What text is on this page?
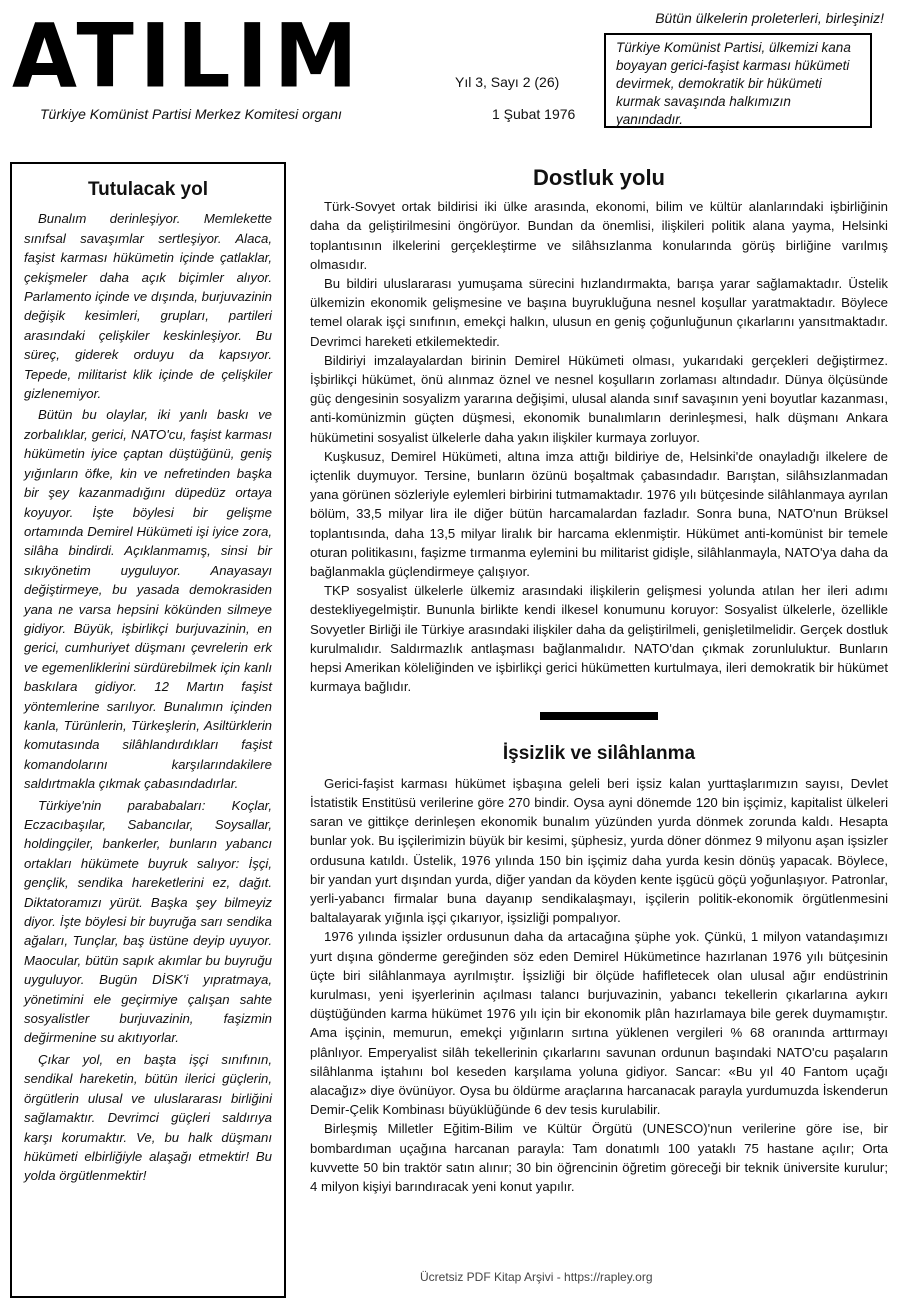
ATILIM
Türkiye Komünist Partisi Merkez Komitesi organı
Yıl 3, Sayı 2 (26)
1 Şubat 1976
Bütün ülkelerin proleterleri, birleşiniz!
Türkiye Komünist Partisi, ülkemizi kana boyayan gerici-faşist karması hükümeti devirmek, demokratik bir hükümeti kurmak savaşında halkımızın yanındadır.
Tutulacak yol

Bunalım derinleşiyor. Memlekette sınıfsal savaşımlar sertleşiyor. Alaca, faşist karması hükümetin içinde çatlaklar, çekişmeler daha açık biçimler alıyor. Parlamento içinde ve dışında, burjuvazinin değişik kesimleri, grupları, partileri arasındaki çelişkiler keskinleşiyor. Bu süreç, giderek orduyu da kapsıyor. Tepede, militarist klik içinde de çelişkiler gizlenemiyor.

Bütün bu olaylar, iki yanlı baskı ve zorbalıklar, gerici, NATO'cu, faşist karması hükümetin iyice çaptan düştüğünü, geniş yığınların öfke, kin ve nefretinden başka bir şey kazanmadığını düpedüz ortaya koyuyor. İşte böylesi bir gelişme ortamında Demirel Hükümeti işi iyice zora, silâha bindirdi. Açıklanmamış, sinsi bir sıkıyönetim uyguluyor. Anayasayı değiştirmeye, bu yasada demokrasiden yana ne varsa hepsini kökünden silmeye gidiyor. Büyük, işbirlikçi burjuvazinin, en gerici, cumhuriyet düşmanı çevrelerin erk ve egemenliklerini sürdürebilmek için kanlı baskılara gidiyor. 12 Martın faşist yöntemlerine sarılıyor. Bunalımın içinden kanla, Türünlerin, Türkeşlerin, Asiltürklerin komutasında silâhlandırdıkları faşist komandolarını karşılarındakilere saldırtmakla çıkmak çabasındadırlar.

Türkiye'nin parababaları: Koçlar, Eczacıbaşılar, Sabancılar, Soysallar, holdingçiler, bankerler, bunların yabancı ortakları hükümete buyruk salıyor: İşçi, gençlik, sendika hareketlerini ez, dağıt. Diktatoramızı yürüt. Başka şey bilmeyiz diyor. İşte böylesi bir buyruğa sarı sendika ağaları, Tunçlar, baş üstüne deyip uyuyor. Maocular, bütün sapık akımlar bu buyruğu uyguluyor. Bugün DİSK'i yıpratmaya, yönetimini ele geçirmiye çalışan sahte sosyalistler burjuvazinin, faşizmin değirmenine su akıtıyorlar.

Çıkar yol, en başta işçi sınıfının, sendikal hareketin, bütün ilerici güçlerin, örgütlerin ulusal ve uluslararası birliğini sağlamaktır. Devrimci güçleri saldırıya karşı korumaktır. Ve, bu halk düşmanı hükümeti elbirliğiyle alaşağı etmektir! Bu yolda örgütlenmektir!

Dostluk yolu

Türk-Sovyet ortak bildirisi iki ülke arasında, ekonomi, bilim ve kültür alanlarındaki işbirliğinin daha da geliştirilmesini öngörüyor. Bundan da önemlisi, ilişkileri politik alana yayma, Helsinki toplantısının ilkelerini gerçekleştirme ve silâhsızlanma konularında görüş birliğine varılmış olmasıdır.

Bu bildiri uluslararası yumuşama sürecini hızlandırmakta, barışa yarar sağlamaktadır. Üstelik ülkemizin ekonomik gelişmesine ve başına buyrukluğuna nesnel koşullar yaratmaktadır. Böylece temel olarak işçi sınıfının, emekçi halkın, ulusun en geniş çoğunluğunun çıkarlarını yansıtmaktadır. Devrimci hareketi etkilemektedir.

Bildiriyi imzalayalardan birinin Demirel Hükümeti olması, yukarıdaki gerçekleri değiştirmez. İşbirlikçi hükümet, önü alınmaz öznel ve nesnel koşulların zorlaması altındadır. Dünya ölçüsünde güç dengesinin sosyalizm yararına değişimi, ulusal alanda sınıf savaşının yeni boyutlar kazanması, anti-komünizmin güçten düşmesi, ekonomik bunalımların derinleşmesi, halk düşmanı Ankara hükümetini sosyalist ülkelerle daha yakın ilişkiler kurmaya zorluyor.

Kuşkusuz, Demirel Hükümeti, altına imza attığı bildiriye de, Helsinki'de onayladığı ilkelere de içtenlik duymuyor. Tersine, bunların özünü boşaltmak çabasındadır. Barıştan, silâhsızlanmadan yana görünen sözleriyle eylemleri birbirini tutmamaktadır. 1976 yılı bütçesinde silâhlanmaya ayrılan bölüm, 33,5 milyar lira ile diğer bütün harcamalardan fazladır. Sonra buna, NATO'nun Brüksel toplantısında, daha 13,5 milyar liralık bir harcama eklenmiştir. Hükümet anti-komünist bir temele oturan politikasını, faşizme tırmanma eylemini bu militarist gidişle, silâhlanmayla, NATO'ya daha da bağlanmakla güçlendirmeye çalışıyor.

TKP sosyalist ülkelerle ülkemiz arasındaki ilişkilerin gelişmesi yolunda atılan her ileri adımı destekliyegelmiştir. Bununla birlikte kendi ilkesel konumunu koruyor: Sosyalist ülkelerle, özellikle Sovyetler Birliği ile Türkiye arasındaki ilişkiler daha da geliştirilmeli, genişletilmelidir. Gerçek dostluk kurulmalıdır. Saldırmazlık antlaşması bağlanmalıdır. NATO'dan çıkmak zorunluluktur. Bunların hepsi Amerikan köleliğinden ve işbirlikçi gerici hükümetten kurtulmaya, ileri demokratik bir hükümet kurmaya bağlıdır.

İşsizlik ve silâhlanma

Gerici-faşist karması hükümet işbaşına geleli beri işsiz kalan yurttaşlarımızın sayısı, Devlet İstatistik Enstitüsü verilerine göre 270 bindir. Oysa ayni dönemde 120 bin işçimiz, kapitalist ülkeleri saran ve gittikçe derinleşen ekonomik bunalım yüzünden yurda dönmek zorunda kaldı. Hesapta bunlar yok. Bu işçilerimizin büyük bir kesimi, şüphesiz, yurda döner dönmez 9 milyonu aşan işsizler ordusuna katıldı. Üstelik, 1976 yılında 150 bin işçimiz daha yurda kesin dönüş yapacak. Böylece, bir yandan yurt dışından yurda, diğer yandan da köyden kente işgücü göçü yoğunlaşıyor. Patronlar, yerli-yabancı firmalar buna dayanıp sendikalaşmayı, işçilerin politik-ekonomik örgütlenmesini baltalayarak yığınla işçi çıkarıyor, işsizliği pompalıyor.

1976 yılında işsizler ordusunun daha da artacağına şüphe yok. Çünkü, 1 milyon vatandaşımızı yurt dışına gönderme gereğinden söz eden Demirel Hükümetince hazırlanan 1976 yılı bütçesinin üçte biri silâhlanmaya ayrılmıştır. İşsizliği bir ölçüde hafifletecek olan ulusal ağır endüstrinin kurulması, yeni işyerlerinin açılması talancı burjuvazinin, yabancı tekellerin çıkarlarına aykırı düştüğünden karma hükümet 1976 yılı için bir ekonomik plân hazırlamaya bile gerek duymamıştır. Ama işçinin, memurun, emekçi yığınların sırtına yüklenen vergileri % 68 oranında arttırmayı plânlıyor. Emperyalist silâh tekellerinin çıkarlarını savunan ordunun başındaki NATO'cu paşaların silâhlanma iştahını bol keseden karşılama yoluna gidiyor. Sancar: «Bu yıl 40 Fantom uçağı alacağız» diye övünüyor. Oysa bu öldürme araçlarına harcanacak parayla yurdumuzda İskenderun Demir-Çelik Kombinası büyüklüğünde 6 dev tesis kurulabilir.

Birleşmiş Milletler Eğitim-Bilim ve Kültür Örgütü (UNESCO)'nun verilerine göre ise, bir bombardıman uçağına harcanan parayla: Tam donatımlı 100 yataklı 75 hastane açılır; Orta kuvvette 50 bin traktör satın alınır; 30 bin öğrencinin öğretim göreceği bir teknik üniversite kurulur; 4 milyon kişiyi barındıracak yeni konut yapılır.

Ücretsiz PDF Kitap Arşivi - https://rapley.org
